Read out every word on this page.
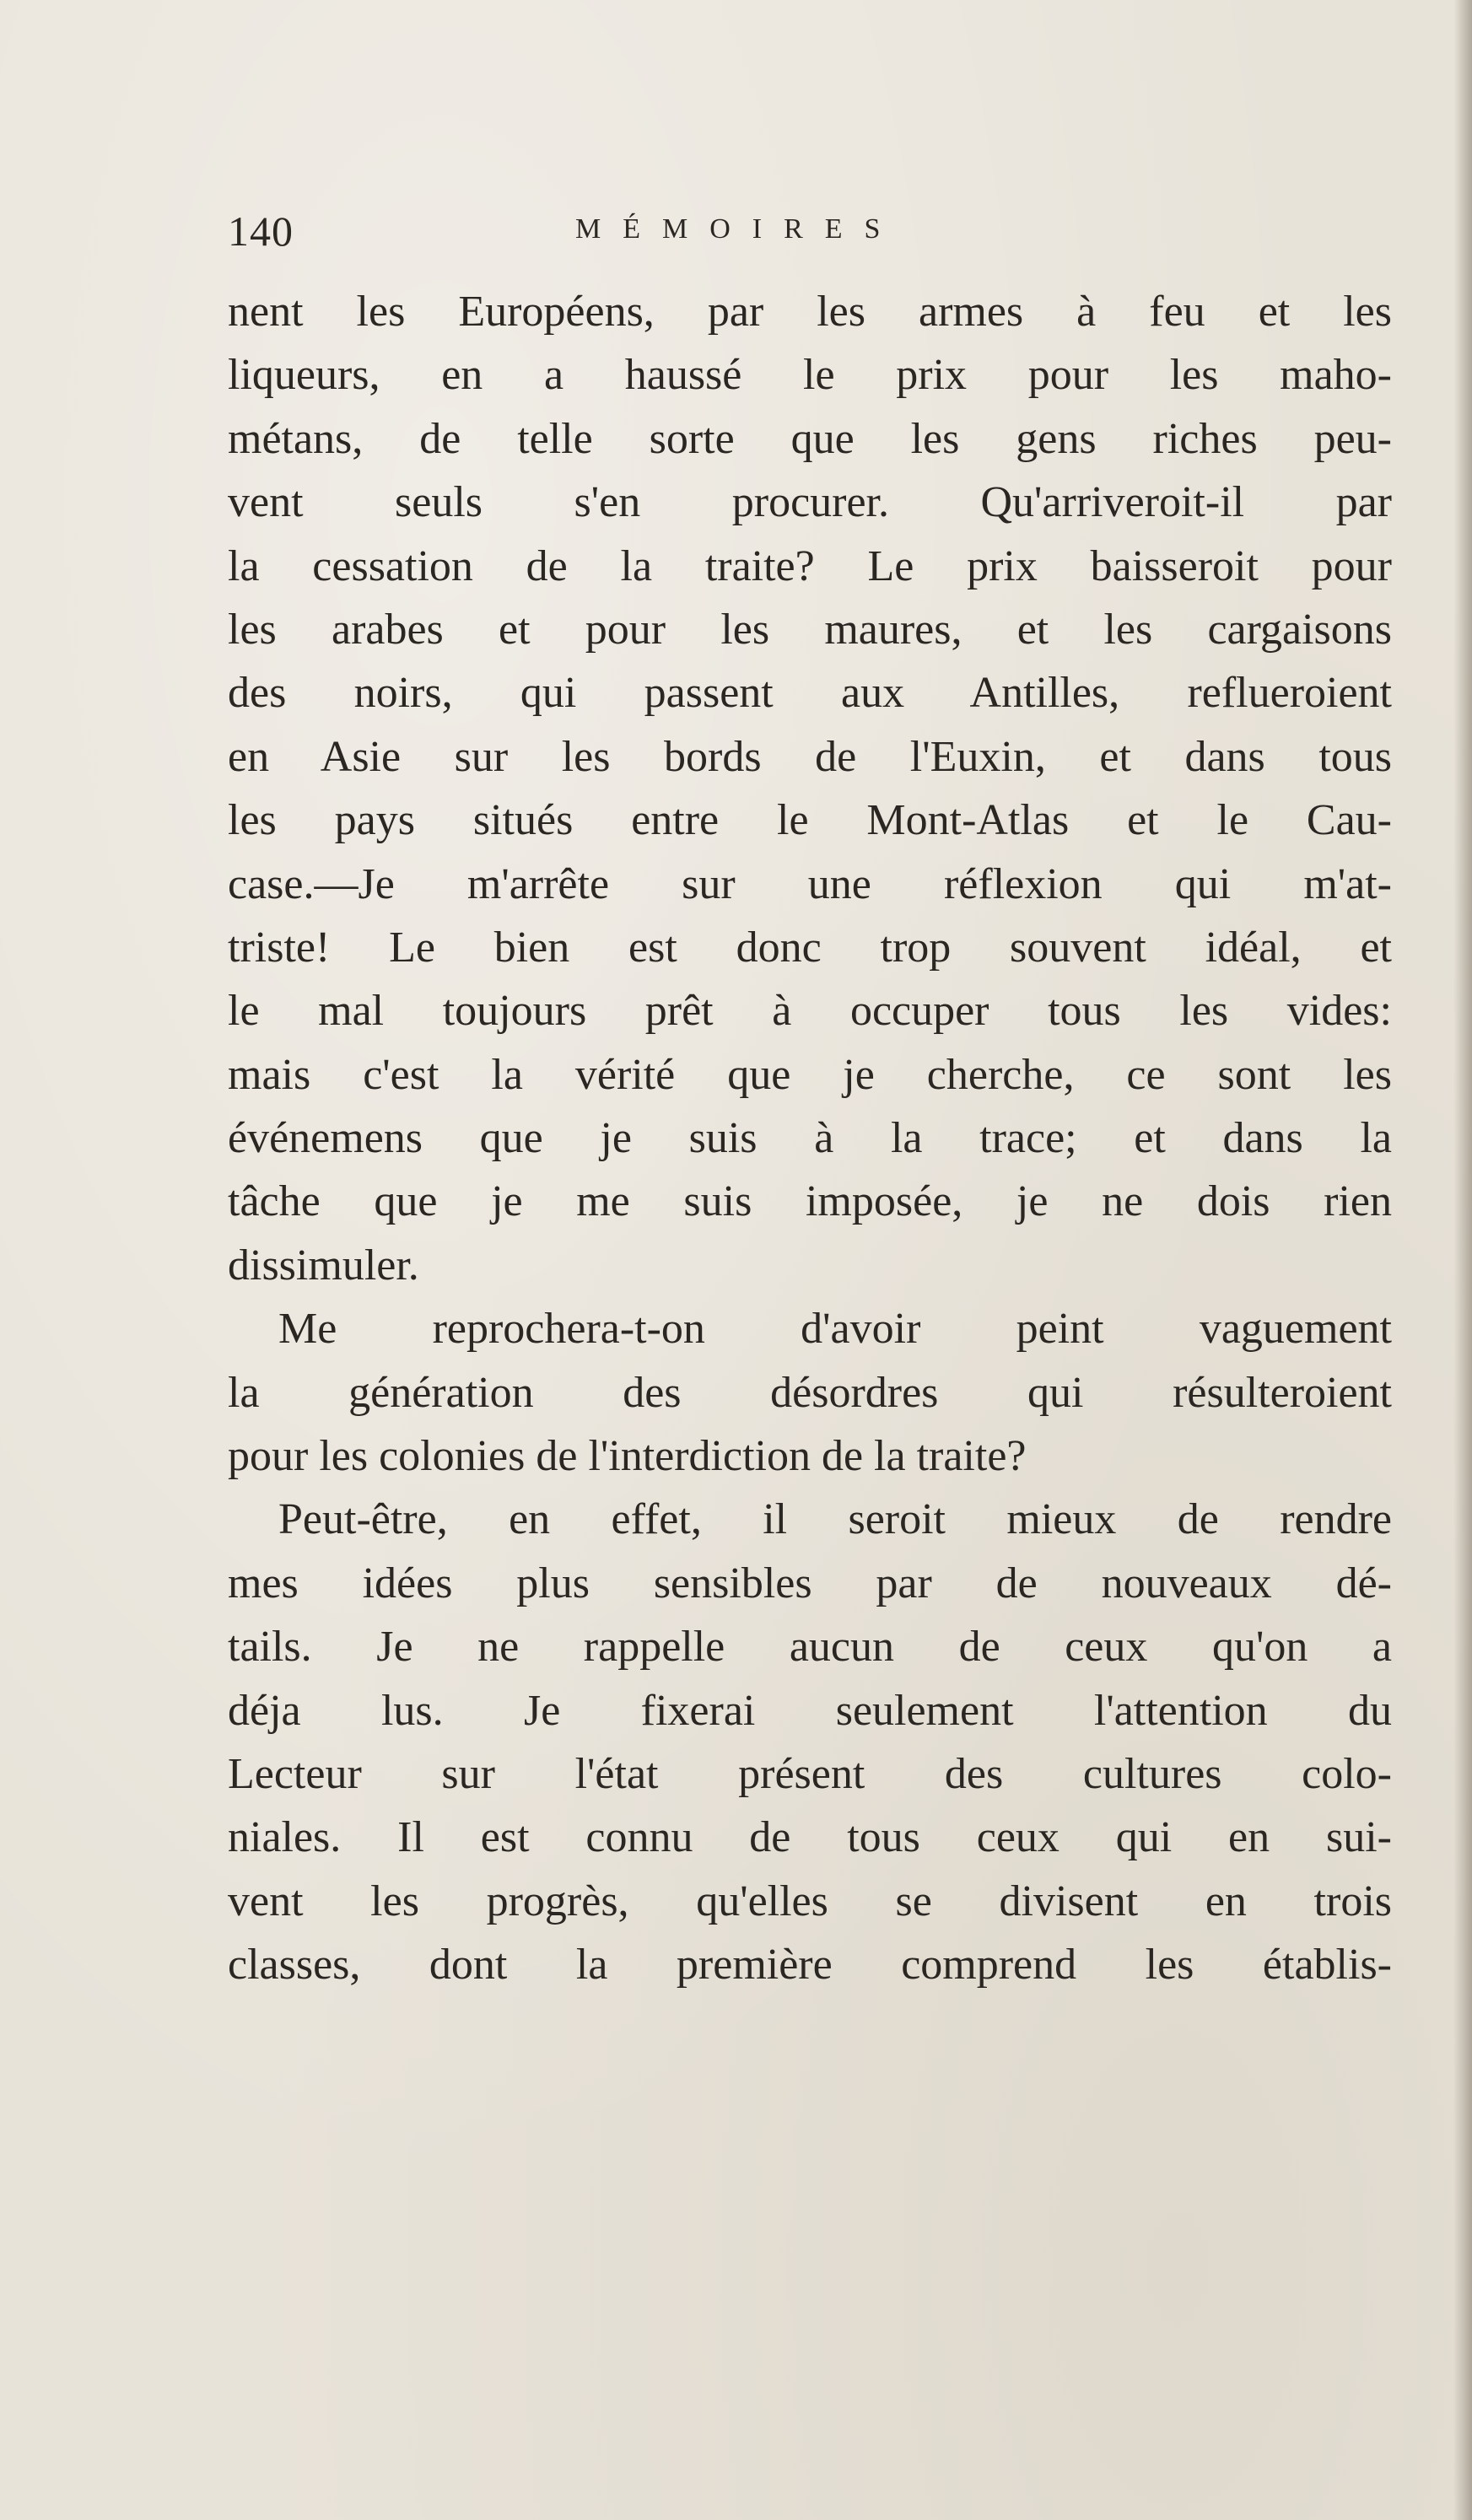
140	MÉMOIRES
nent les Européens, par les armes à feu et les
liqueurs, en a haussé le prix pour les maho-
métans, de telle sorte que les gens riches peu-
vent seuls s'en procurer. Qu'arriveroit-il par
la cessation de la traite? Le prix baisseroit pour
les arabes et pour les maures, et les cargaisons
des noirs, qui passent aux Antilles, reflueroient
en Asie sur les bords de l'Euxin, et dans tous
les pays situés entre le Mont-Atlas et le Cau-
case.—Je m'arrête sur une réflexion qui m'at-
triste! Le bien est donc trop souvent idéal, et
le mal toujours prêt à occuper tous les vides:
mais c'est la vérité que je cherche, ce sont les
événemens que je suis à la trace; et dans la
tâche que je me suis imposée, je ne dois rien
dissimuler.
Me reprochera-t-on d'avoir peint vaguement
la génération des désordres qui résulteroient
pour les colonies de l'interdiction de la traite?
Peut-être, en effet, il seroit mieux de rendre
mes idées plus sensibles par de nouveaux dé-
tails. Je ne rappelle aucun de ceux qu'on a
déja lus. Je fixerai seulement l'attention du
Lecteur sur l'état présent des cultures colo-
niales. Il est connu de tous ceux qui en sui-
vent les progrès, qu'elles se divisent en trois
classes, dont la première comprend les établis-
